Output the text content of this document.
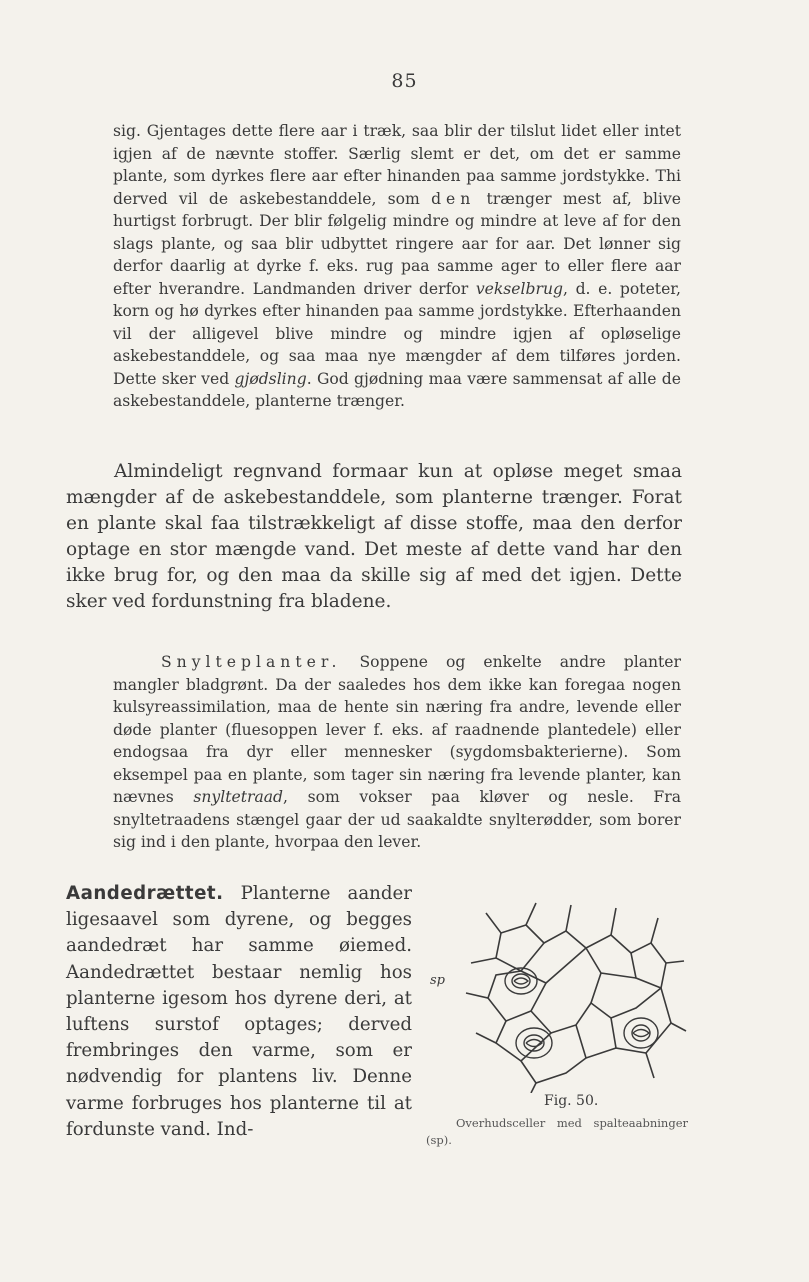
85
sig. Gjentages dette flere aar i træk, saa blir der tilslut lidet eller intet igjen af de nævnte stoffer. Særlig slemt er det, om det er samme plante, som dyrkes flere aar efter hinanden paa samme jordstykke. Thi derved vil de askebestanddele, som den trænger mest af, blive hurtigst forbrugt. Der blir følgelig mindre og mindre at leve af for den slags plante, og saa blir udbyttet ringere aar for aar. Det lønner sig derfor daarlig at dyrke f. eks. rug paa samme ager to eller flere aar efter hverandre. Landmanden driver derfor vekselbrug, d. e. poteter, korn og hø dyrkes efter hinanden paa samme jordstykke. Efterhaanden vil der alligevel blive mindre og mindre igjen af opløselige askebestanddele, og saa maa nye mængder af dem tilføres jorden. Dette sker ved gjødsling. God gjødning maa være sammensat af alle de askebestanddele, planterne trænger.
Almindeligt regnvand formaar kun at opløse meget smaa mængder af de askebestanddele, som planterne trænger. Forat en plante skal faa tilstrækkeligt af disse stoffe, maa den derfor optage en stor mængde vand. Det meste af dette vand har den ikke brug for, og den maa da skille sig af med det igjen. Dette sker ved fordunstning fra bladene.
Snylteplanter. Soppene og enkelte andre planter mangler bladgrønt. Da der saaledes hos dem ikke kan foregaa nogen kulsyreassimilation, maa de hente sin næring fra andre, levende eller døde planter (fluesoppen lever f. eks. af raadnende plantedele) eller endogsaa fra dyr eller mennesker (sygdomsbakterierne). Som eksempel paa en plante, som tager sin næring fra levende planter, kan nævnes snyltetraad, som vokser paa kløver og nesle. Fra snyltetraadens stængel gaar der ud saakaldte snylterødder, som borer sig ind i den plante, hvorpaa den lever.
Aandedrættet. Planterne aander ligesaavel som dyrene, og begges aandedræt har samme øiemed. Aandedrættet bestaar nemlig hos planterne igesom hos dyrene deri, at luftens surstof optages; derved frembringes den varme, som er nødvendig for plantens liv. Denne varme forbruges hos planterne til at fordunste vand. Ind-
sp
Fig. 50.
Overhudsceller med spalteaabninger (sp).
